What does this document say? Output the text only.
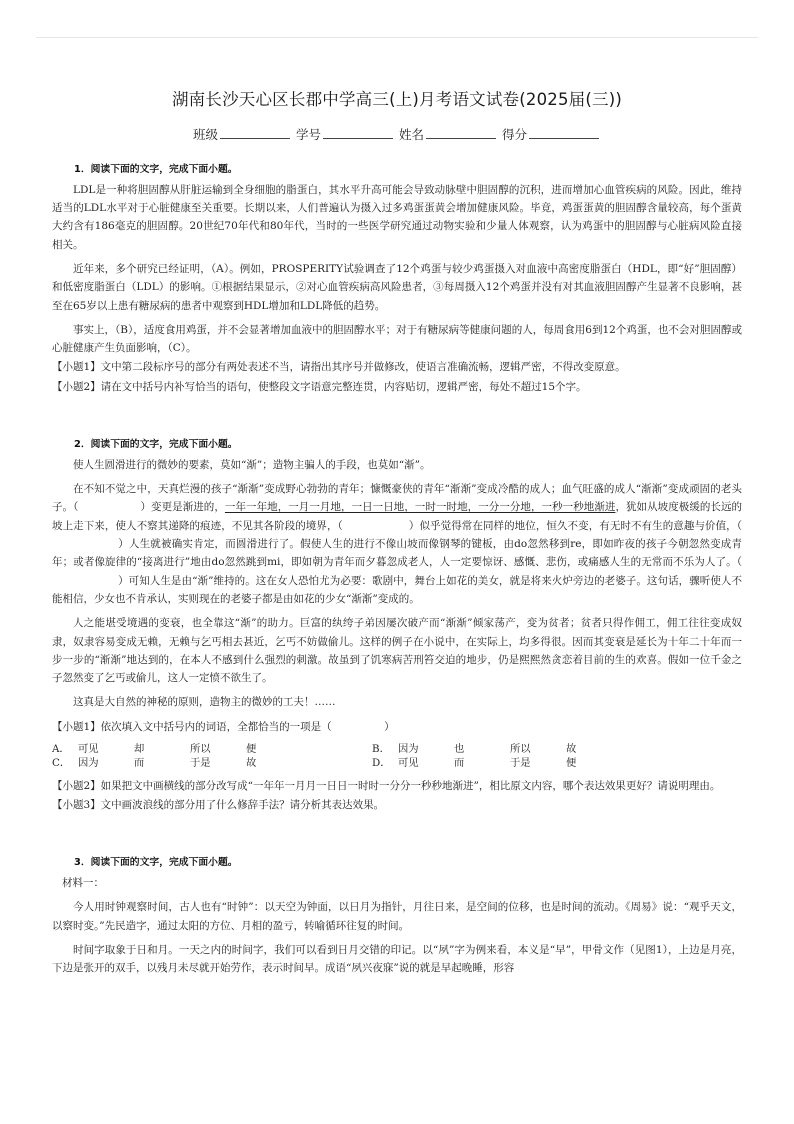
湖南长沙天心区长郡中学高三(上)月考语文试卷(2025届(三))
班级	学号	姓名	得分
1．阅读下面的文字，完成下面小题。

LDL是一种将胆固醇从肝脏运输到全身细胞的脂蛋白，其水平升高可能会导致动脉壁中胆固醇的沉积，进而增加心血管疾病的风险。因此，维持适当的LDL水平对于心脏健康至关重要。长期以来，人们普遍认为摄入过多鸡蛋蛋黄会增加健康风险。毕竟，鸡蛋蛋黄的胆固醇含量较高，每个蛋黄大约含有186毫克的胆固醇。20世纪70年代和80年代，当时的一些医学研究通过动物实验和少量人体观察，认为鸡蛋中的胆固醇与心脏病风险直接相关。

近年来，多个研究已经证明，（A）。例如，PROSPERITY试验调查了12个鸡蛋与较少鸡蛋摄入对血液中高密度脂蛋白（HDL，即“好”胆固醇）和低密度脂蛋白（LDL）的影响。①根据结果显示，②对心血管疾病高风险患者，③每周摄入12个鸡蛋并没有对其血液胆固醇产生显著不良影响，甚至在65岁以上患有糖尿病的患者中观察到HDL增加和LDL降低的趋势。

事实上，（B），适度食用鸡蛋，并不会显著增加血液中的胆固醇水平；对于有糖尿病等健康问题的人，每周食用6到12个鸡蛋，也不会对胆固醇或心脏健康产生负面影响，（C）。

【小题1】文中第二段标序号的部分有两处表述不当，请指出其序号并做修改，使语言准确流畅，逻辑严密，不得改变原意。
【小题2】请在文中括号内补写恰当的语句，使整段文字语意完整连贯，内容贴切，逻辑严密，每处不超过15个字。
2．阅读下面的文字，完成下面小题。

使人生圆滑进行的微妙的要素，莫如“渐”；造物主骗人的手段，也莫如“渐”。

在不知不觉之中，天真烂漫的孩子“渐渐”变成野心勃勃的青年；慷慨豪侠的青年“渐渐”变成冷酷的成人；血气旺盛的成人“渐渐”变成顽固的老头子。（	）变更是渐进的，一年一年地，一月一月地，一日一日地，一时一时地，一分一分地，一秒一秒地渐进，犹如从坡度极缓的长远的坡上走下来，使人不察其递降的痕迹，不见其各阶段的境界，（	）似乎觉得常在同样的地位，恒久不变，有无时不有生的意趣与价值，（）人生就被确实肯定，而圆滑进行了。假使人生的进行不像山坡而像钢琴的键板，由do忽然移到re，即如昨夜的孩子今朝忽然变成青年；或者像旋律的“接离进行”地由do忽然跳到mi，即如朝为青年而夕暮忽成老人，人一定要惊讶、感慨、悲伤，或痛感人生的无常而不乐为人了。（）可知人生是由“渐”维持的。这在女人恐怕尤为必要：歌剧中，舞台上如花的美女，就是将来火炉旁边的老婆子。这句话，骤听使人不能相信，少女也不肯承认，实则现在的老婆子都是由如花的少女“渐渐”变成的。

人之能堪受境遇的变衰，也全靠这“渐”的助力。巨富的纨绔子弟因屡次破产而“渐渐”倾家荡产，变为贫者；贫者只得作佣工，佣工往往变成奴隶，奴隶容易变成无赖，无赖与乞丐相去甚近，乞丐不妨做偷儿。这样的例子在小说中，在实际上，均多得很。因而其变衰是延长为十年二十年而一步一步的“渐渐”地达到的，在本人不感到什么强烈的刺激。故虽到了饥寒病苦刑笞交迫的地步，仍是熙熙然贪恋着目前的生的欢喜。假如一位千金之子忽然变了乞丐或偷儿，这人一定愤不欲生了。

这真是大自然的神秘的原则，造物主的微妙的工夫！……

【小题1】依次填入文中括号内的词语，全都恰当的一项是（　　　　　）
A． 可见	却	所以	便	B． 因为	也	所以	故
C． 因为	而	于是	故	D． 可见	而	于是	便
【小题2】如果把文中画横线的部分改写成“一年年一月月一日日一时时一分分一秒秒地渐进”，相比原文内容，哪个表达效果更好？请说明理由。
【小题3】文中画波浪线的部分用了什么修辞手法？请分析其表达效果。
3．阅读下面的文字，完成下面小题。
材料一：

今人用时钟观察时间，古人也有“时钟”：以天空为钟面，以日月为指针，月往日来，是空间的位移，也是时间的流动。《周易》说：“观乎天文，以察时变。”先民造字，通过太阳的方位、月相的盈亏，转喻循环往复的时间。

时间字取象于日和月。一天之内的时间字，我们可以看到日月交错的印记。以“夙”字为例来看，本义是“早”，甲骨文作（见图1），上边是月亮，下边是张开的双手，以残月未尽就开始劳作，表示时间早。成语“夙兴夜寐”说的就是早起晚睡，形容
